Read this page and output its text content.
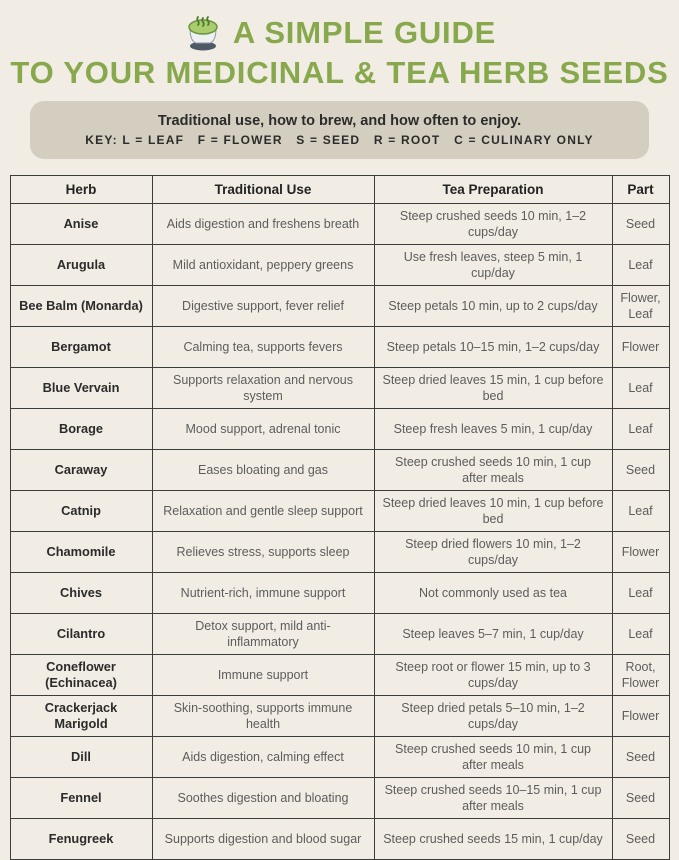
A SIMPLE GUIDE
TO YOUR MEDICINAL & TEA HERB SEEDS
Traditional use, how to brew, and how often to enjoy.
KEY: L = LEAF   F = FLOWER   S = SEED   R = ROOT   C = CULINARY ONLY
Herb	Traditional Use	Tea Preparation	Part
Anise	Aids digestion and freshens breath	Steep crushed seeds 10 min, 1–2 cups/day	Seed
Arugula	Mild antioxidant, peppery greens	Use fresh leaves, steep 5 min, 1 cup/day	Leaf
Bee Balm (Monarda)	Digestive support, fever relief	Steep petals 10 min, up to 2 cups/day	Flower, Leaf
Bergamot	Calming tea, supports fevers	Steep petals 10–15 min, 1–2 cups/day	Flower
Blue Vervain	Supports relaxation and nervous system	Steep dried leaves 15 min, 1 cup before bed	Leaf
Borage	Mood support, adrenal tonic	Steep fresh leaves 5 min, 1 cup/day	Leaf
Caraway	Eases bloating and gas	Steep crushed seeds 10 min, 1 cup after meals	Seed
Catnip	Relaxation and gentle sleep support	Steep dried leaves 10 min, 1 cup before bed	Leaf
Chamomile	Relieves stress, supports sleep	Steep dried flowers 10 min, 1–2 cups/day	Flower
Chives	Nutrient-rich, immune support	Not commonly used as tea	Leaf
Cilantro	Detox support, mild anti-inflammatory	Steep leaves 5–7 min, 1 cup/day	Leaf
Coneflower (Echinacea)	Immune support	Steep root or flower 15 min, up to 3 cups/day	Root, Flower
Crackerjack Marigold	Skin-soothing, supports immune health	Steep dried petals 5–10 min, 1–2 cups/day	Flower
Dill	Aids digestion, calming effect	Steep crushed seeds 10 min, 1 cup after meals	Seed
Fennel	Soothes digestion and bloating	Steep crushed seeds 10–15 min, 1 cup after meals	Seed
Fenugreek	Supports digestion and blood sugar	Steep crushed seeds 15 min, 1 cup/day	Seed
